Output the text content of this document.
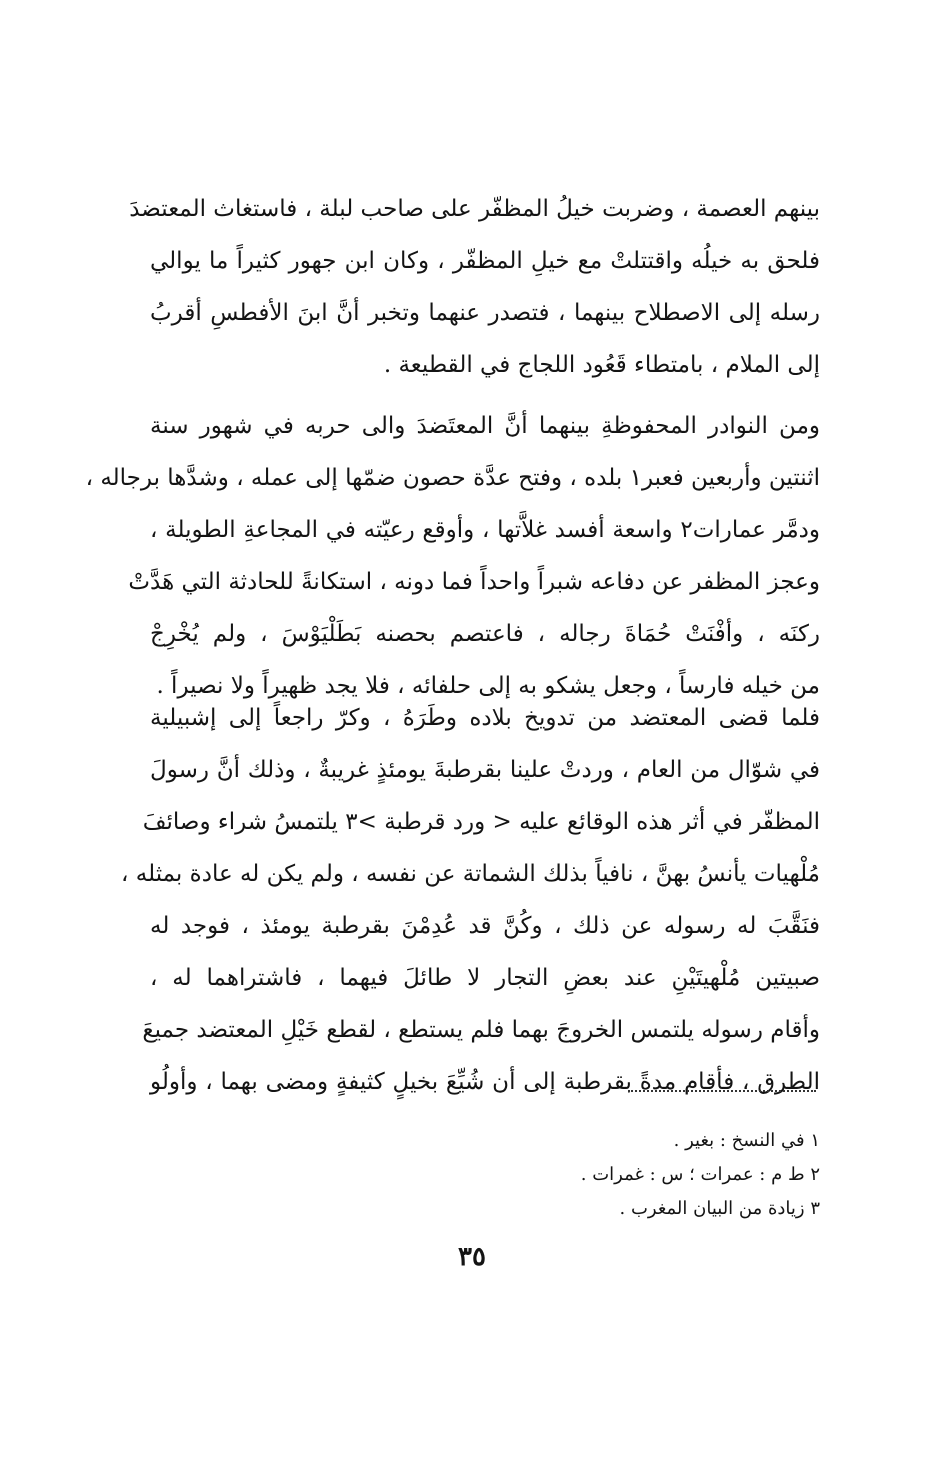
بينهم العصمة ، وضربت خيلُ المظفّر على صاحب لبلة ، فاستغاث المعتضدَ
فلحق به خيلُه واقتتلتْ مع خيلِ المظفّر ، وكان ابن جهور كثيراً ما يوالي
رسله إلى الاصطلاح بينهما ، فتصدر عنهما وتخبر أنَّ ابنَ الأفطسِ أقربُ
إلى الملام ، بامتطاء قَعُود اللجاج في القطيعة .
ومن النوادر المحفوظةِ بينهما أنَّ المعتَضدَ والى حربه في شهور سنة
اثنتين وأربعين فعبر١ بلده ، وفتح عدَّة حصون ضمّها إلى عمله ، وشدَّها برجاله ،
ودمَّر عمارات٢ واسعة أفسد غلاَّتها ، وأوقع رعيّته في المجاعةِ الطويلة ،
وعجز المظفر عن دفاعه شبراً واحداً فما دونه ، استكانةً للحادثة التي هَدَّتْ
ركنَه ، وأفْنَتْ حُمَاةَ رجاله ، فاعتصم بحصنه بَطَلْيَوْسَ ، ولم يُخْرِجْ
من خيله فارساً ، وجعل يشكو به إلى حلفائه ، فلا يجد ظهيراً ولا نصيراً .
فلما قضى المعتضد من تدويخ بلاده وطَرَهُ ، وكرّ راجعاً إلى إشبيلية
في شوّال من العام ، وردتْ علينا بقرطبةَ يومئذٍ غريبةٌ ، وذلك أنَّ رسولَ
المظفّر في أثر هذه الوقائع عليه < ورد قرطبة >٣ يلتمسُ شراء وصائفَ
مُلْهيات يأنسُ بهنَّ ، نافياً بذلك الشماتة عن نفسه ، ولم يكن له عادة بمثله ،
فنَقَّبَ له رسوله عن ذلك ، وكُنَّ قد عُدِمْنَ بقرطبة يومئذ ، فوجد له
صبيتين مُلْهيتَيْنِ عند بعضِ التجار لا طائلَ فيهما ، فاشتراهما له ،
وأقام رسوله يلتمس الخروجَ بهما فلم يستطع ، لقطع خَيْلِ المعتضد جميعَ
الطرق ، فأقام مدةً بقرطبة إلى أن شُيِّعَ بخيلٍ كثيفةٍ ومضى بهما ، وأولُو
١ في النسخ : بغير .
٢ ط م : عمرات ؛ س : غمرات .
٣ زيادة من البيان المغرب .
٣٥
